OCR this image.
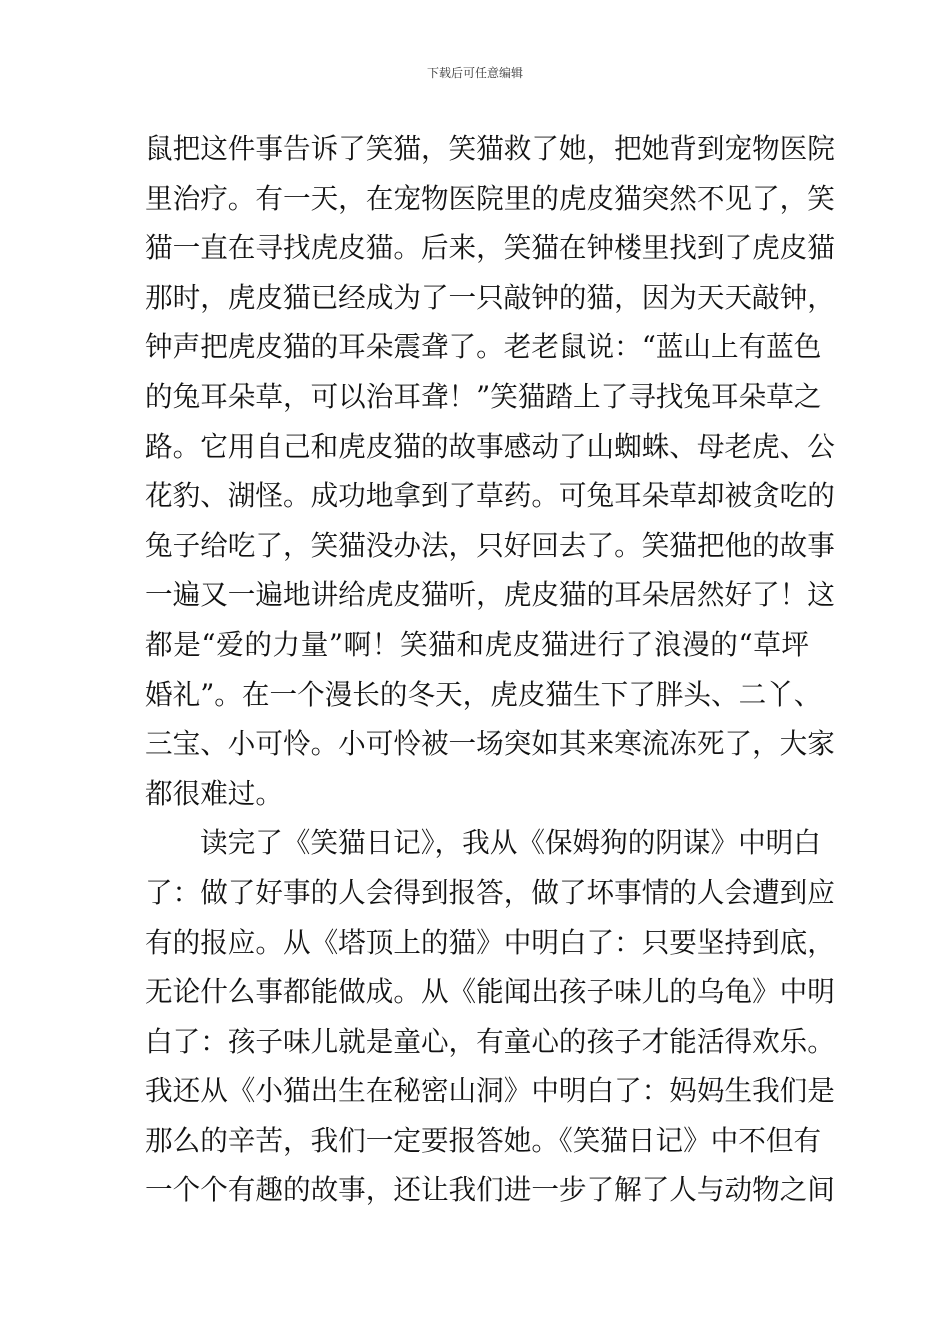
下载后可任意编辑
鼠把这件事告诉了笑猫，笑猫救了她，把她背到宠物医院
里治疗。有一天，在宠物医院里的虎皮猫突然不见了，笑
猫一直在寻找虎皮猫。后来，笑猫在钟楼里找到了虎皮猫
那时，虎皮猫已经成为了一只敲钟的猫，因为天天敲钟，
钟声把虎皮猫的耳朵震聋了。老老鼠说：“蓝山上有蓝色
的兔耳朵草，可以治耳聋！”笑猫踏上了寻找兔耳朵草之
路。它用自己和虎皮猫的故事感动了山蜘蛛、母老虎、公
花豹、湖怪。成功地拿到了草药。可兔耳朵草却被贪吃的
兔子给吃了，笑猫没办法，只好回去了。笑猫把他的故事
一遍又一遍地讲给虎皮猫听，虎皮猫的耳朵居然好了！这
都是“爱的力量”啊！笑猫和虎皮猫进行了浪漫的“草坪
婚礼”。在一个漫长的冬天，虎皮猫生下了胖头、二丫、
三宝、小可怜。小可怜被一场突如其来寒流冻死了，大家
都很难过。
读完了《笑猫日记》，我从《保姆狗的阴谋》中明白
了：做了好事的人会得到报答，做了坏事情的人会遭到应
有的报应。从《塔顶上的猫》中明白了：只要坚持到底，
无论什么事都能做成。从《能闻出孩子味儿的乌龟》中明
白了：孩子味儿就是童心，有童心的孩子才能活得欢乐。
我还从《小猫出生在秘密山洞》中明白了：妈妈生我们是
那么的辛苦，我们一定要报答她。《笑猫日记》中不但有
一个个有趣的故事，还让我们进一步了解了人与动物之间
